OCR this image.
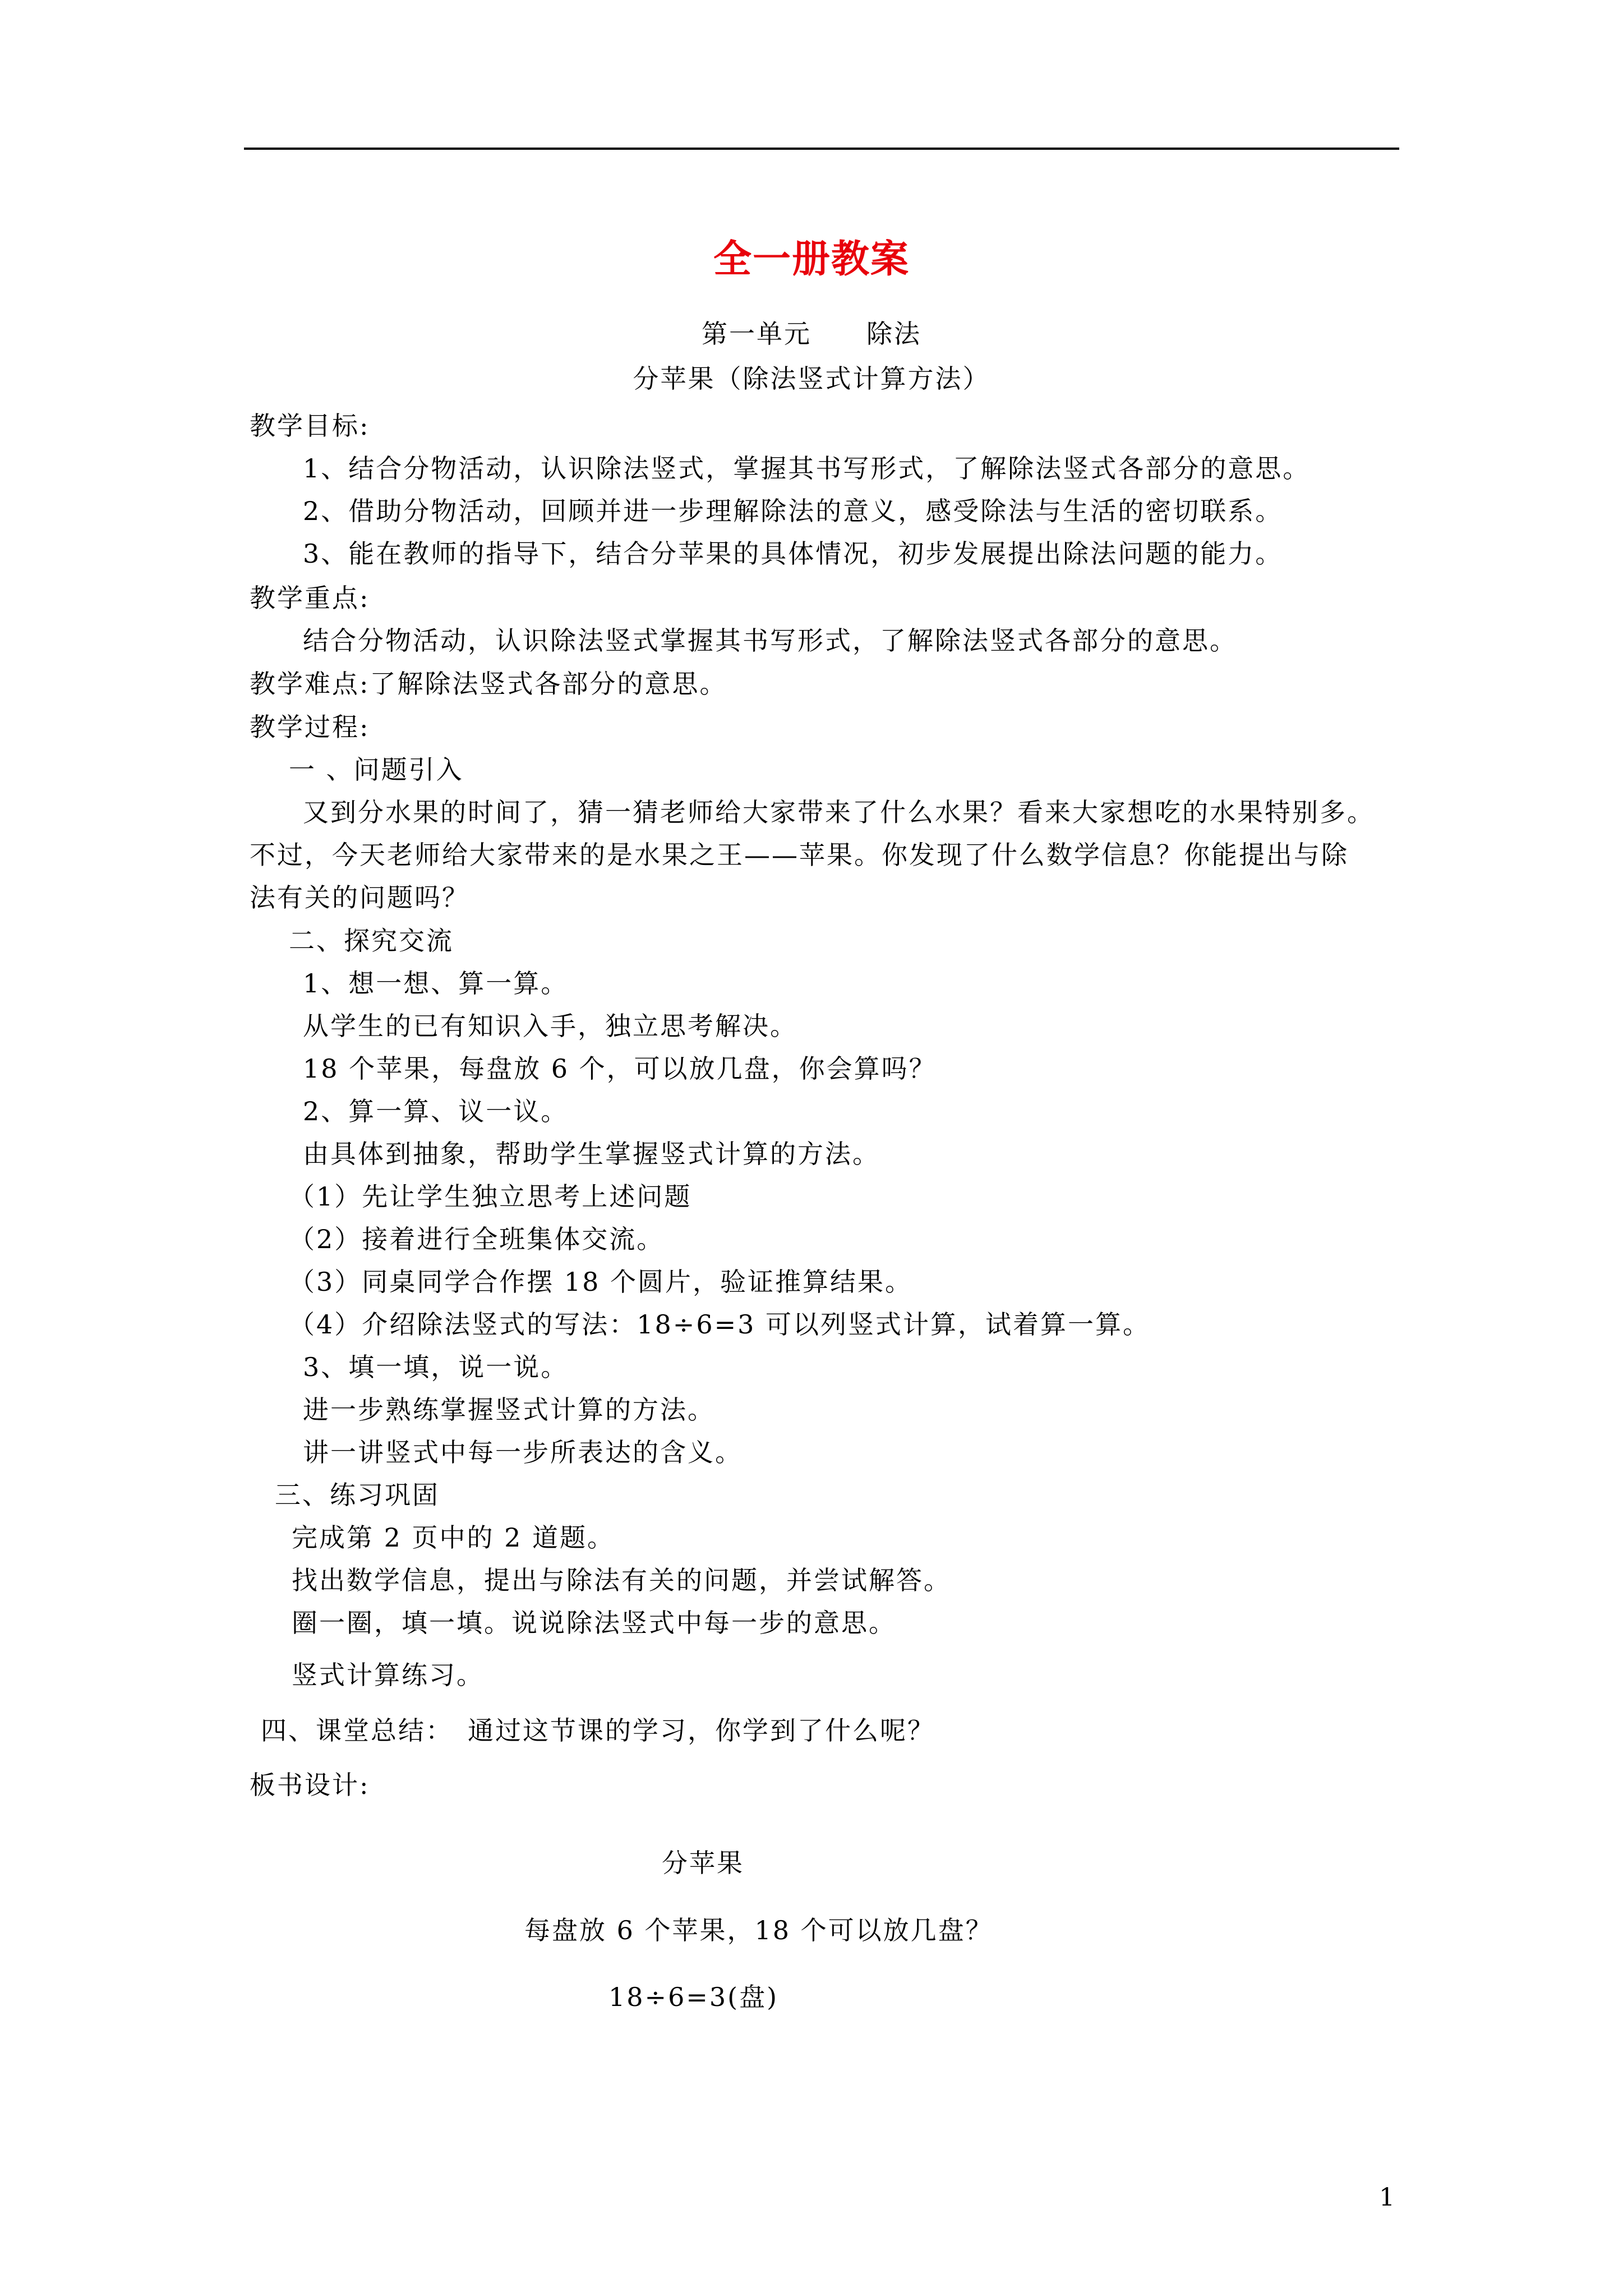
全一册教案
第一单元　　除法
分苹果（除法竖式计算方法）
教学目标:
1、结合分物活动，认识除法竖式，掌握其书写形式，了解除法竖式各部分的意思。
2、借助分物活动，回顾并进一步理解除法的意义，感受除法与生活的密切联系。
3、能在教师的指导下，结合分苹果的具体情况，初步发展提出除法问题的能力。
教学重点:
结合分物活动，认识除法竖式掌握其书写形式，了解除法竖式各部分的意思。
教学难点:了解除法竖式各部分的意思。
教学过程:
一 、问题引入
又到分水果的时间了，猜一猜老师给大家带来了什么水果？看来大家想吃的水果特别多。
不过，今天老师给大家带来的是水果之王——苹果。你发现了什么数学信息？你能提出与除
法有关的问题吗？
二、探究交流
1、想一想、算一算。
从学生的已有知识入手，独立思考解决。
18 个苹果，每盘放 6 个，可以放几盘，你会算吗？
2、算一算、议一议。
由具体到抽象，帮助学生掌握竖式计算的方法。
（1）先让学生独立思考上述问题
（2）接着进行全班集体交流。
（3）同桌同学合作摆 18 个圆片，验证推算结果。
（4）介绍除法竖式的写法：18÷6=3 可以列竖式计算，试着算一算。
3、填一填，说一说。
进一步熟练掌握竖式计算的方法。
讲一讲竖式中每一步所表达的含义。
三、练习巩固
完成第 2 页中的 2 道题。
找出数学信息，提出与除法有关的问题，并尝试解答。
圈一圈，填一填。说说除法竖式中每一步的意思。
竖式计算练习。
四、课堂总结：　通过这节课的学习，你学到了什么呢？
板书设计:
分苹果
每盘放 6 个苹果，18 个可以放几盘？
18÷6=3(盘)
1
